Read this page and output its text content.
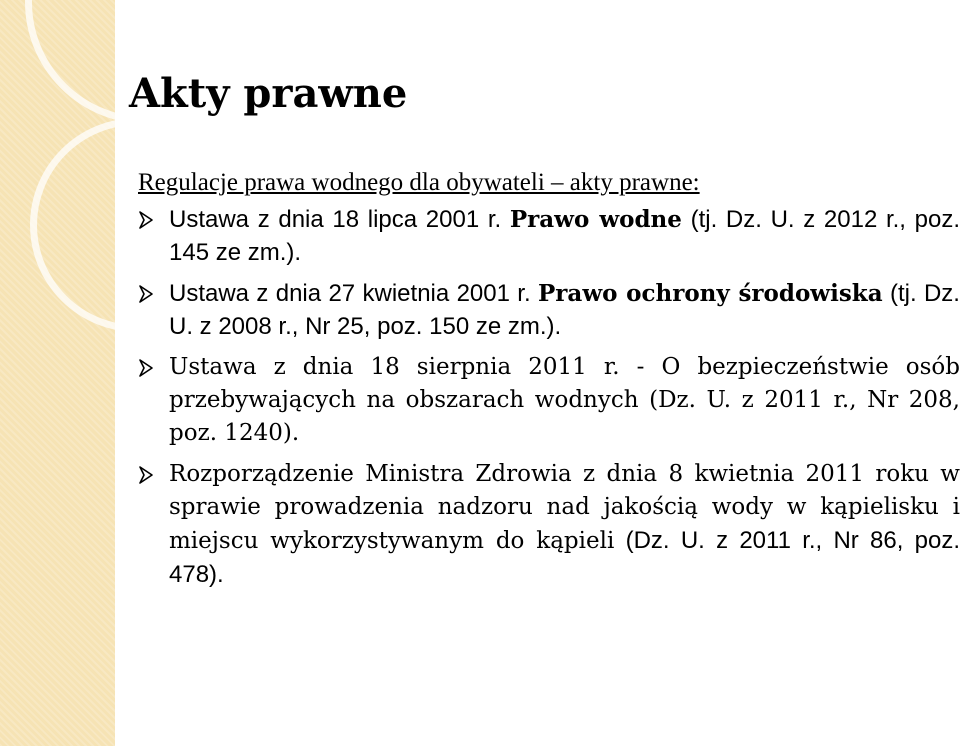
Akty prawne

Regulacje prawa wodnego dla obywateli – akty prawne:

Ustawa z dnia 18 lipca 2001 r. Prawo wodne (tj. Dz. U. z 2012 r., poz. 145 ze zm.).
Ustawa z dnia 27 kwietnia 2001 r. Prawo ochrony środowiska (tj. Dz. U. z 2008 r., Nr 25, poz. 150 ze zm.).
Ustawa z dnia 18 sierpnia 2011 r. - O bezpieczeństwie osób przebywających na obszarach wodnych (Dz. U. z 2011 r., Nr 208, poz. 1240).
Rozporządzenie Ministra Zdrowia z dnia 8 kwietnia 2011 roku w sprawie prowadzenia nadzoru nad jakością wody w kąpielisku i miejscu wykorzystywanym do kąpieli (Dz. U. z 2011 r., Nr 86, poz. 478).
